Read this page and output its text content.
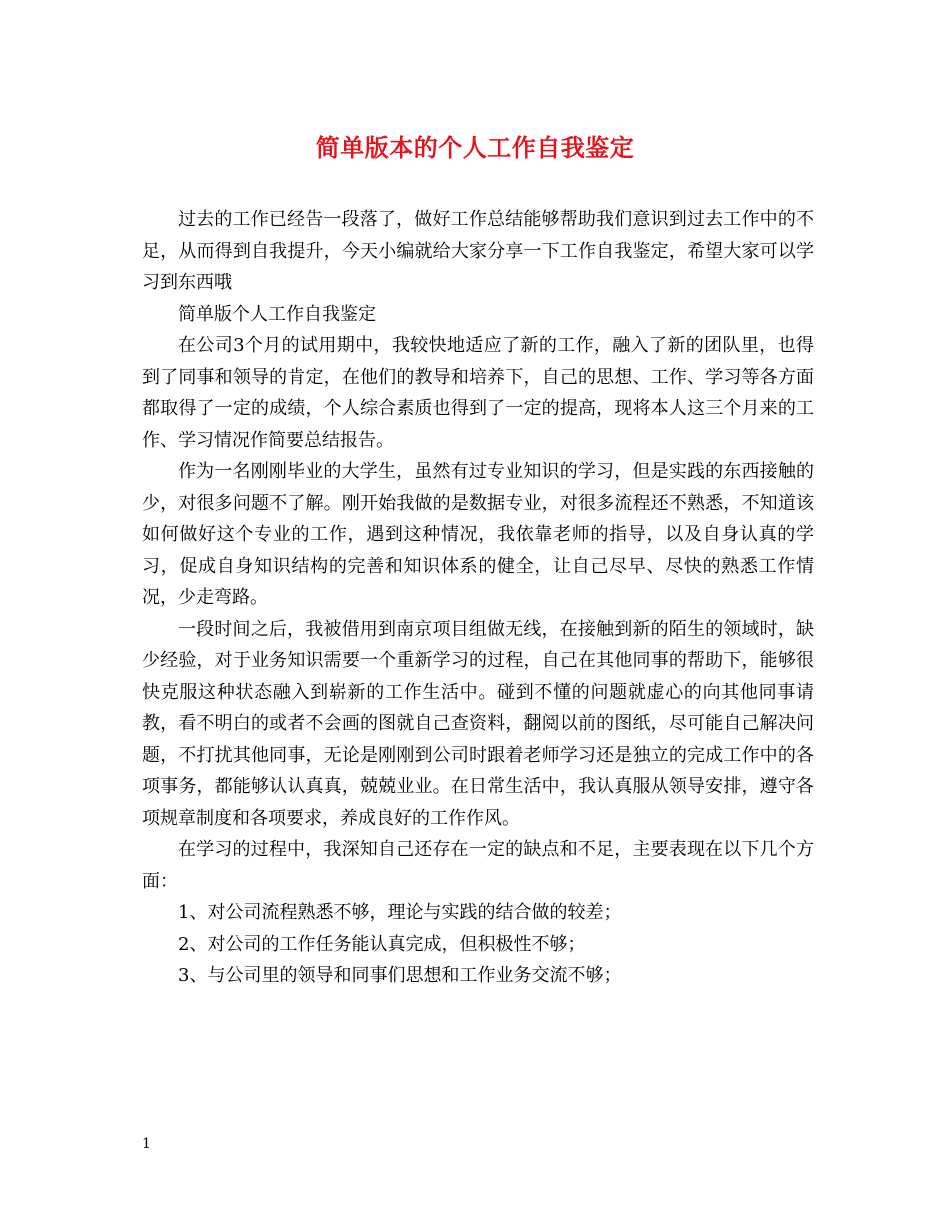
简单版本的个人工作自我鉴定

过去的工作已经告一段落了，做好工作总结能够帮助我们意识到过去工作中的不足，从而得到自我提升，今天小编就给大家分享一下工作自我鉴定，希望大家可以学习到东西哦

简单版个人工作自我鉴定

在公司3个月的试用期中，我较快地适应了新的工作，融入了新的团队里，也得到了同事和领导的肯定，在他们的教导和培养下，自己的思想、工作、学习等各方面都取得了一定的成绩，个人综合素质也得到了一定的提高，现将本人这三个月来的工作、学习情况作简要总结报告。

作为一名刚刚毕业的大学生，虽然有过专业知识的学习，但是实践的东西接触的少，对很多问题不了解。刚开始我做的是数据专业，对很多流程还不熟悉，不知道该如何做好这个专业的工作，遇到这种情况，我依靠老师的指导，以及自身认真的学习，促成自身知识结构的完善和知识体系的健全，让自己尽早、尽快的熟悉工作情况，少走弯路。

一段时间之后，我被借用到南京项目组做无线，在接触到新的陌生的领域时，缺少经验，对于业务知识需要一个重新学习的过程，自己在其他同事的帮助下，能够很快克服这种状态融入到崭新的工作生活中。碰到不懂的问题就虚心的向其他同事请教，看不明白的或者不会画的图就自己查资料，翻阅以前的图纸，尽可能自己解决问题，不打扰其他同事，无论是刚刚到公司时跟着老师学习还是独立的完成工作中的各项事务，都能够认认真真，兢兢业业。在日常生活中，我认真服从领导安排，遵守各项规章制度和各项要求，养成良好的工作作风。

在学习的过程中，我深知自己还存在一定的缺点和不足，主要表现在以下几个方面：

1、对公司流程熟悉不够，理论与实践的结合做的较差；

2、对公司的工作任务能认真完成，但积极性不够；

3、与公司里的领导和同事们思想和工作业务交流不够；

1
